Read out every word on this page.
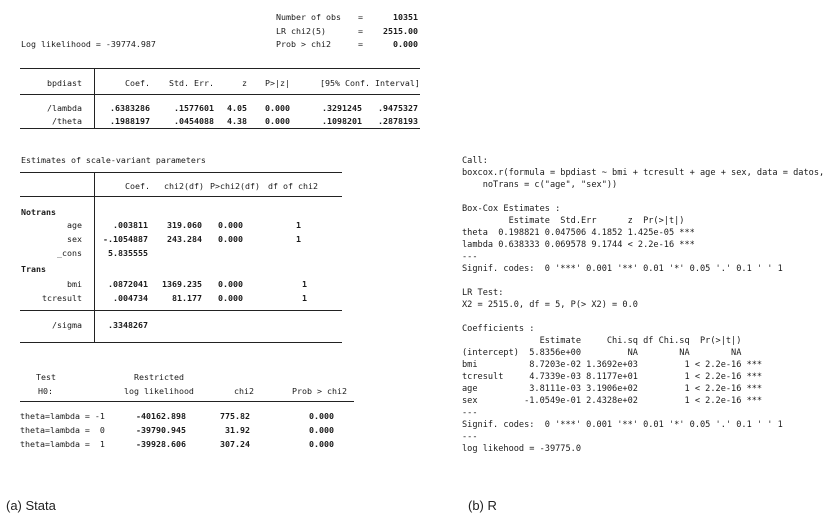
Number of obs =	10351
LR chi2(5)	=	2515.00
Log likelihood = -39774.987	Prob > chi2	=	0.000
bpdiast	Coef.	Std. Err.	z	P>|z|	[95% Conf. Interval]
/lambda	.6383286	.1577601	4.05	0.000	.3291245	.9475327
/theta	.1988197	.0454088	4.38	0.000	.1098201	.2878193
Estimates of scale-variant parameters
Coef.	chi2(df) P>chi2(df) df of chi2
Notrans
age	.003811	319.060 0.000	1
sex	-.1054887	243.284 0.000	1
_cons	5.835555
Trans
bmi	.0872041	1369.235 0.000	1
tcresult	.004734	81.177 0.000	1
/sigma	.3348267
Test
H0:
Restricted
log likelihood	chi2	Prob > chi2
theta=lambda = -1	-40162.898	775.82	0.000
theta=lambda =  0	-39790.945	31.92	0.000
theta=lambda =  1	-39928.606	307.24	0.000
(a) Stata
Call:
boxcox.r(formula = bpdiast ~ bmi + tcresult + age + sex, data = datos,
noTrans = c("age", "sex"))

Box-Cox Estimates :
Estimate  Std.Err      z  Pr(>|t|)
theta  0.198821 0.047506 4.1852 1.425e-05 ***
lambda 0.638333 0.069578 9.1744 < 2.2e-16 ***
---
Signif. codes:  0 '***' 0.001 '**' 0.01 '*' 0.05 '.' 0.1 ' ' 1

LR Test:
X2 = 2515.0, df = 5, P(> X2) = 0.0

Coefficients :
Estimate     Chi.sq df Chi.sq  Pr(>|t|)
(intercept)  5.8356e+00         NA        NA        NA
bmi          8.7203e-02 1.3692e+03         1 < 2.2e-16 ***
tcresult     4.7339e-03 8.1177e+01         1 < 2.2e-16 ***
age          3.8111e-03 3.1906e+02         1 < 2.2e-16 ***
sex         -1.0549e-01 2.4328e+02         1 < 2.2e-16 ***
---
Signif. codes:  0 '***' 0.001 '**' 0.01 '*' 0.05 '.' 0.1 ' ' 1
---
log likehood = -39775.0
(b) R
